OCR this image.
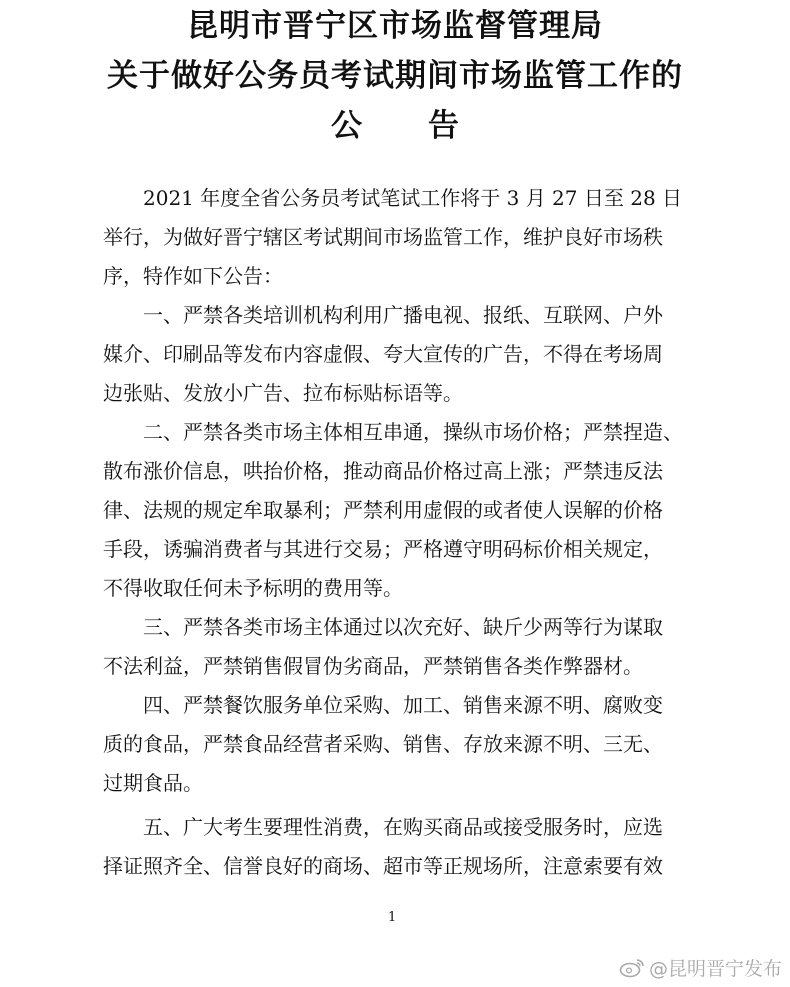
昆明市晋宁区市场监督管理局
关于做好公务员考试期间市场监管工作的
公 告
2021 年度全省公务员考试笔试工作将于 3 月 27 日至 28 日
举行，为做好晋宁辖区考试期间市场监管工作，维护良好市场秩
序，特作如下公告：
一、严禁各类培训机构利用广播电视、报纸、互联网、户外
媒介、印刷品等发布内容虚假、夸大宣传的广告，不得在考场周
边张贴、发放小广告、拉布标贴标语等。
二、严禁各类市场主体相互串通，操纵市场价格；严禁捏造、
散布涨价信息，哄抬价格，推动商品价格过高上涨；严禁违反法
律、法规的规定牟取暴利；严禁利用虚假的或者使人误解的价格
手段，诱骗消费者与其进行交易；严格遵守明码标价相关规定，
不得收取任何未予标明的费用等。
三、严禁各类市场主体通过以次充好、缺斤少两等行为谋取
不法利益，严禁销售假冒伪劣商品，严禁销售各类作弊器材。
四、严禁餐饮服务单位采购、加工、销售来源不明、腐败变
质的食品，严禁食品经营者采购、销售、存放来源不明、三无、
过期食品。
五、广大考生要理性消费，在购买商品或接受服务时，应选
择证照齐全、信誉良好的商场、超市等正规场所，注意索要有效
1
@昆明晋宁发布
